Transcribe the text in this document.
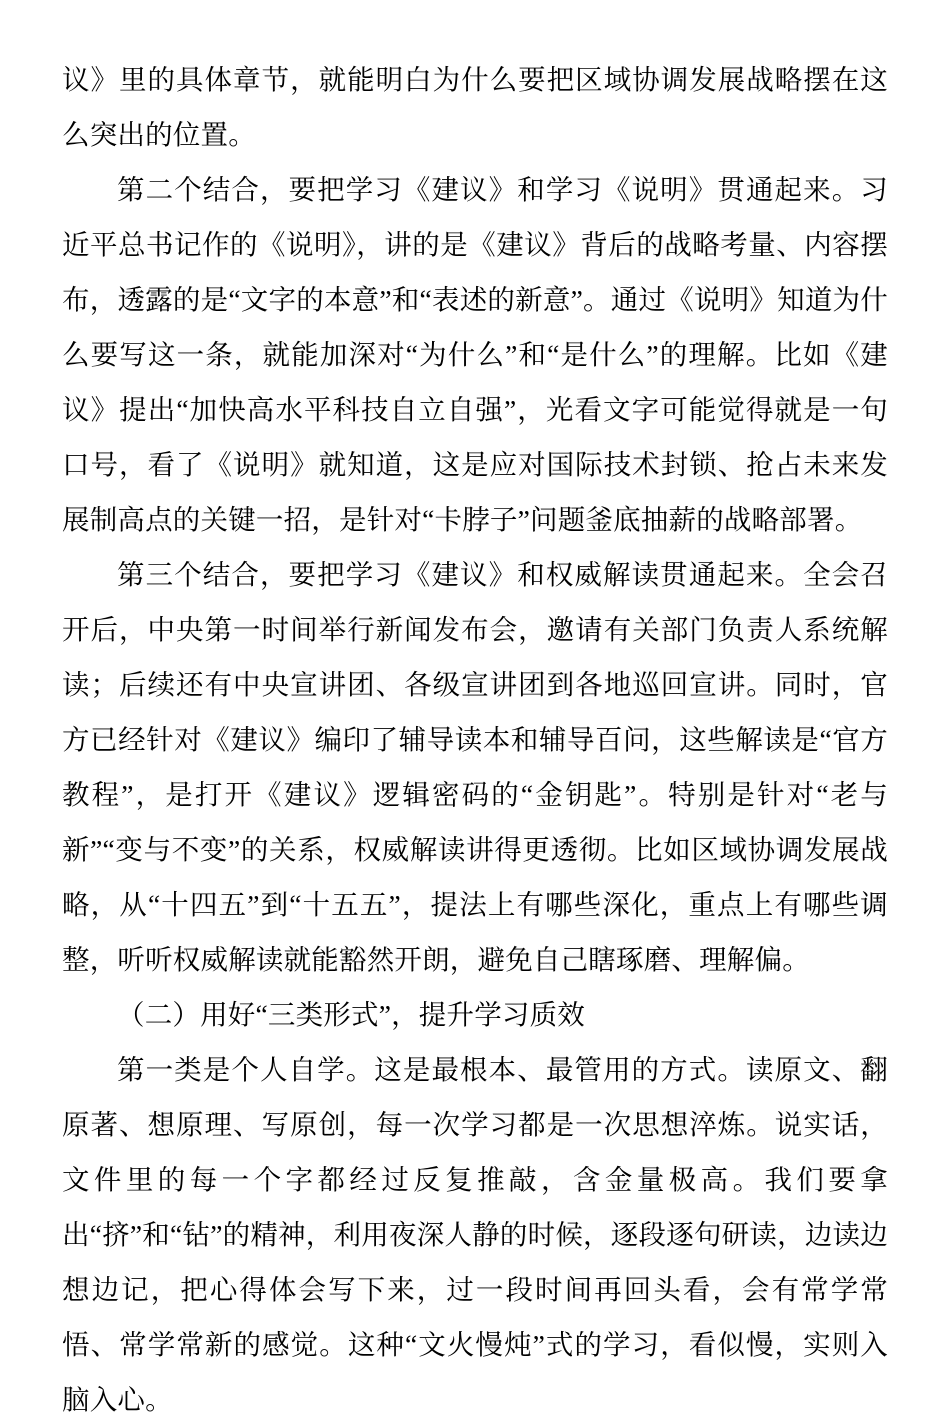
议》里的具体章节，就能明白为什么要把区域协调发展战略摆在这么突出的位置。

第二个结合，要把学习《建议》和学习《说明》贯通起来。习近平总书记作的《说明》，讲的是《建议》背后的战略考量、内容摆布，透露的是“文字的本意”和“表述的新意”。通过《说明》知道为什么要写这一条，就能加深对“为什么”和“是什么”的理解。比如《建议》提出“加快高水平科技自立自强”，光看文字可能觉得就是一句口号，看了《说明》就知道，这是应对国际技术封锁、抢占未来发展制高点的关键一招，是针对“卡脖子”问题釜底抽薪的战略部署。

第三个结合，要把学习《建议》和权威解读贯通起来。全会召开后，中央第一时间举行新闻发布会，邀请有关部门负责人系统解读；后续还有中央宣讲团、各级宣讲团到各地巡回宣讲。同时，官方已经针对《建议》编印了辅导读本和辅导百问，这些解读是“官方教程”，是打开《建议》逻辑密码的“金钥匙”。特别是针对“老与新”“变与不变”的关系，权威解读讲得更透彻。比如区域协调发展战略，从“十四五”到“十五五”，提法上有哪些深化，重点上有哪些调整，听听权威解读就能豁然开朗，避免自己瞎琢磨、理解偏。

（二）用好“三类形式”，提升学习质效

第一类是个人自学。这是最根本、最管用的方式。读原文、翻原著、想原理、写原创，每一次学习都是一次思想淬炼。说实话，文件里的每一个字都经过反复推敲，含金量极高。我们要拿出“挤”和“钻”的精神，利用夜深人静的时候，逐段逐句研读，边读边想边记，把心得体会写下来，过一段时间再回头看，会有常学常悟、常学常新的感觉。这种“文火慢炖”式的学习，看似慢，实则入脑入心。
